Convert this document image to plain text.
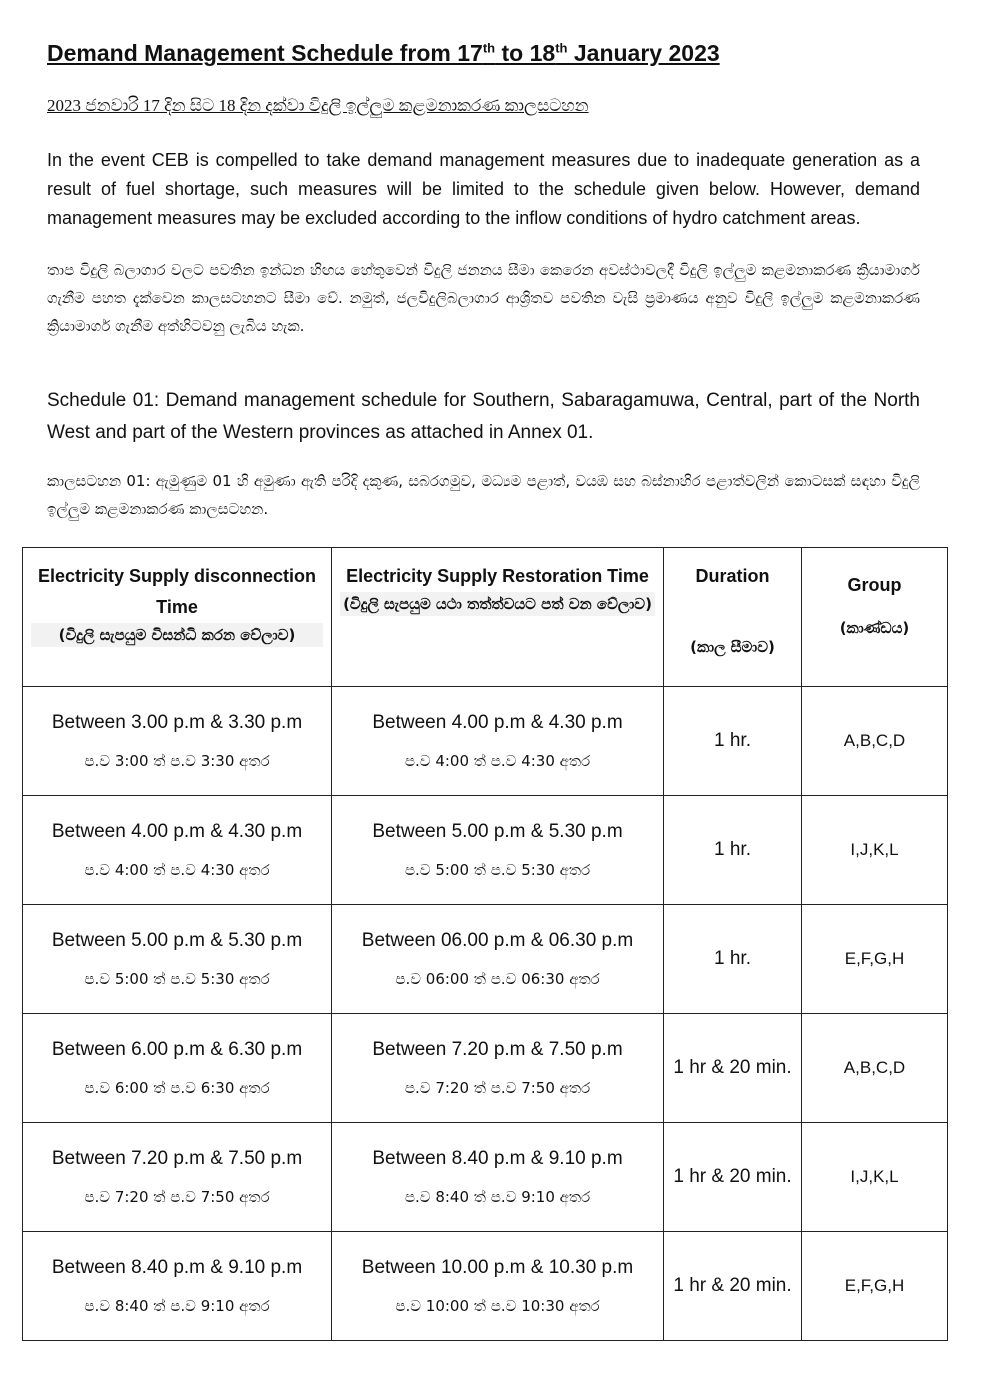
Demand Management Schedule from 17th to 18th January 2023

2023 ජනවාරි 17 දින සිට 18 දින දක්වා විදුලි ඉල්ලුම කළමනාකරණ කාලසටහන

In the event CEB is compelled to take demand management measures due to inadequate generation as a result of fuel shortage, such measures will be limited to the schedule given below. However, demand management measures may be excluded according to the inflow conditions of hydro catchment areas.

තාප විදුලි බලාගාර වලට පවතින ඉන්ධන හිඟය හේතුවෙන් විදුලි ජනනය සීමා කෙරෙන අවස්ථාවලදී විදුලි ඉල්ලුම කළමනාකරණ ක්‍රියාමාර්ග ගැනීම පහත දැක්වෙන කාලසටහනට සීමා වේ. නමුත්, ජලවිදුලිබලාගාර ආශ්‍රිතව පවතින වැසි ප්‍රමාණය අනුව විදුලි ඉල්ලුම කළමනාකරණ ක්‍රියාමාර්ග ගැනීම අත්හිටවනු ලැබිය හැක.

Schedule 01: Demand management schedule for Southern, Sabaragamuwa, Central, part of the North West and part of the Western provinces as attached in Annex 01.

කාලසටහන 01: ඇමුණුම 01 හි අමුණා ඇති පරිදි දකුණ, සබරගමුව, මධ්‍යම පළාත්, වයඹ සහ බස්නාහිර පළාත්වලින් කොටසක් සඳහා විදුලි ඉල්ලුම කළමනාකරණ කාලසටහන.

Electricity Supply disconnection Time
(විදුලි සැපයුම විසන්ධි කරන වේලාව)	Electricity Supply Restoration Time
(විදුලි සැපයුම යථා තත්ත්වයට පත් වන වේලාව)	Duration
(කාල සීමාව)	Group
(කාණ්ඩය)

Between 3.00 p.m & 3.30 p.m
ප.ව 3:00 ත් ප.ව 3:30 අතර	Between 4.00 p.m & 4.30 p.m
ප.ව 4:00 ත් ප.ව 4:30 අතර	1 hr.	A,B,C,D

Between 4.00 p.m & 4.30 p.m
ප.ව 4:00 ත් ප.ව 4:30 අතර	Between 5.00 p.m & 5.30 p.m
ප.ව 5:00 ත් ප.ව 5:30 අතර	1 hr.	I,J,K,L

Between 5.00 p.m & 5.30 p.m
ප.ව 5:00 ත් ප.ව 5:30 අතර	Between 06.00 p.m & 06.30 p.m
ප.ව 06:00 ත් ප.ව 06:30 අතර	1 hr.	E,F,G,H

Between 6.00 p.m & 6.30 p.m
ප.ව 6:00 ත් ප.ව 6:30 අතර	Between 7.20 p.m & 7.50 p.m
ප.ව 7:20 ත් ප.ව 7:50 අතර	1 hr & 20 min.	A,B,C,D

Between 7.20 p.m & 7.50 p.m
ප.ව 7:20 ත් ප.ව 7:50 අතර	Between 8.40 p.m & 9.10 p.m
ප.ව 8:40 ත් ප.ව 9:10 අතර	1 hr & 20 min.	I,J,K,L

Between 8.40 p.m & 9.10 p.m
ප.ව 8:40 ත් ප.ව 9:10 අතර	Between 10.00 p.m & 10.30 p.m
ප.ව 10:00 ත් ප.ව 10:30 අතර	1 hr & 20 min.	E,F,G,H
